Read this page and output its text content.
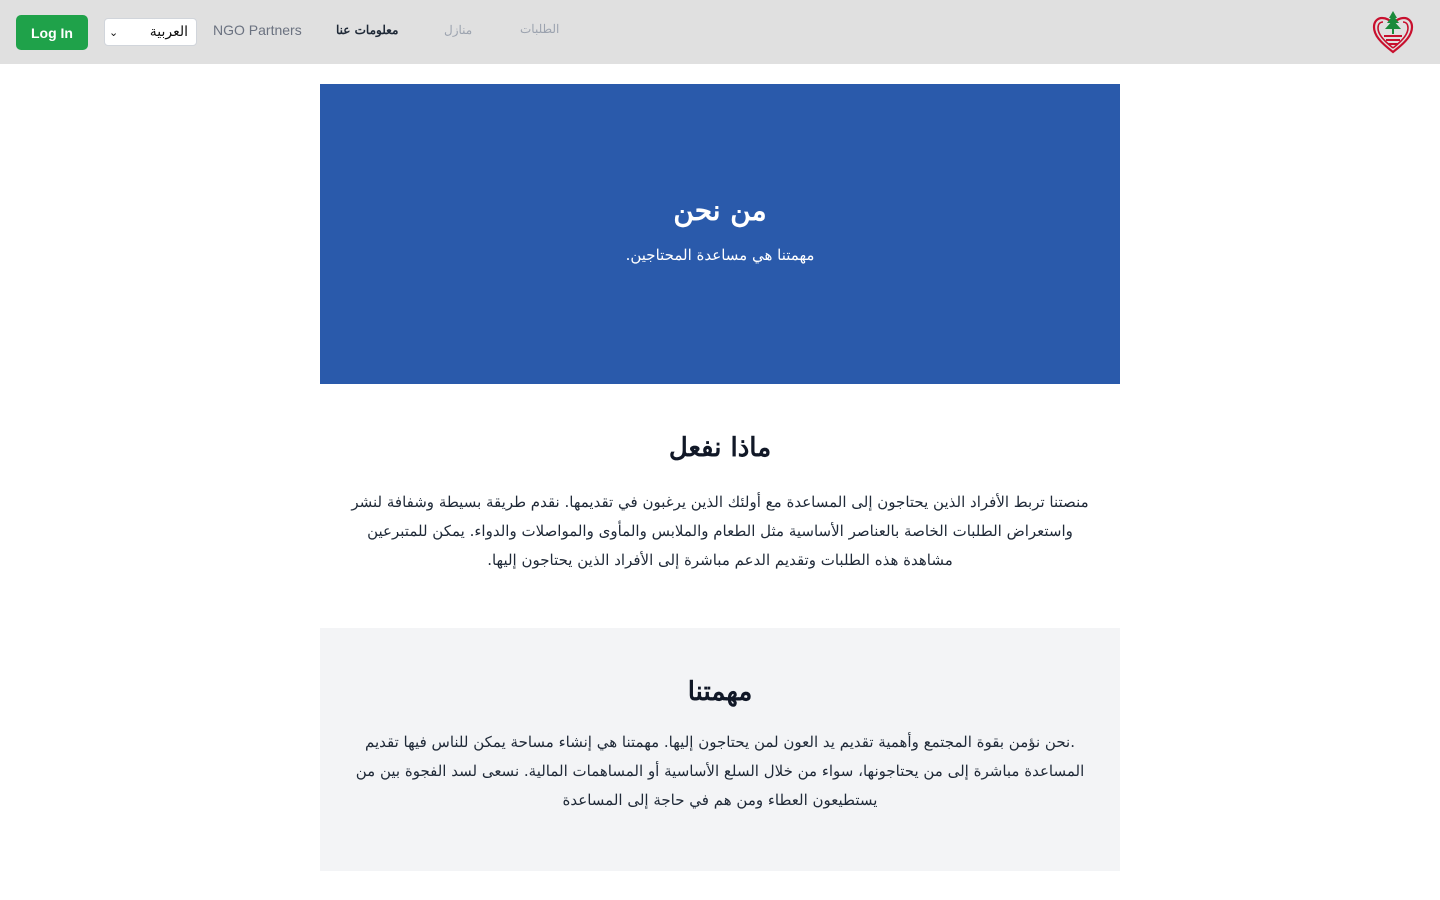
Log In	⌄ العربية NGO Partners	معلومات عنا	منازل	الطلبات
من نحن

مهمتنا هي مساعدة المحتاجين.

ماذا نفعل

منصتنا تربط الأفراد الذين يحتاجون إلى المساعدة مع أولئك الذين يرغبون في تقديمها. نقدم طريقة بسيطة وشفافة لنشر واستعراض الطلبات الخاصة بالعناصر الأساسية مثل الطعام والملابس والمأوى والمواصلات والدواء. يمكن للمتبرعين مشاهدة هذه الطلبات وتقديم الدعم مباشرة إلى الأفراد الذين يحتاجون إليها.

مهمتنا

.نحن نؤمن بقوة المجتمع وأهمية تقديم يد العون لمن يحتاجون إليها. مهمتنا هي إنشاء مساحة يمكن للناس فيها تقديم المساعدة مباشرة إلى من يحتاجونها، سواء من خلال السلع الأساسية أو المساهمات المالية. نسعى لسد الفجوة بين من يستطيعون العطاء ومن هم في حاجة إلى المساعدة
